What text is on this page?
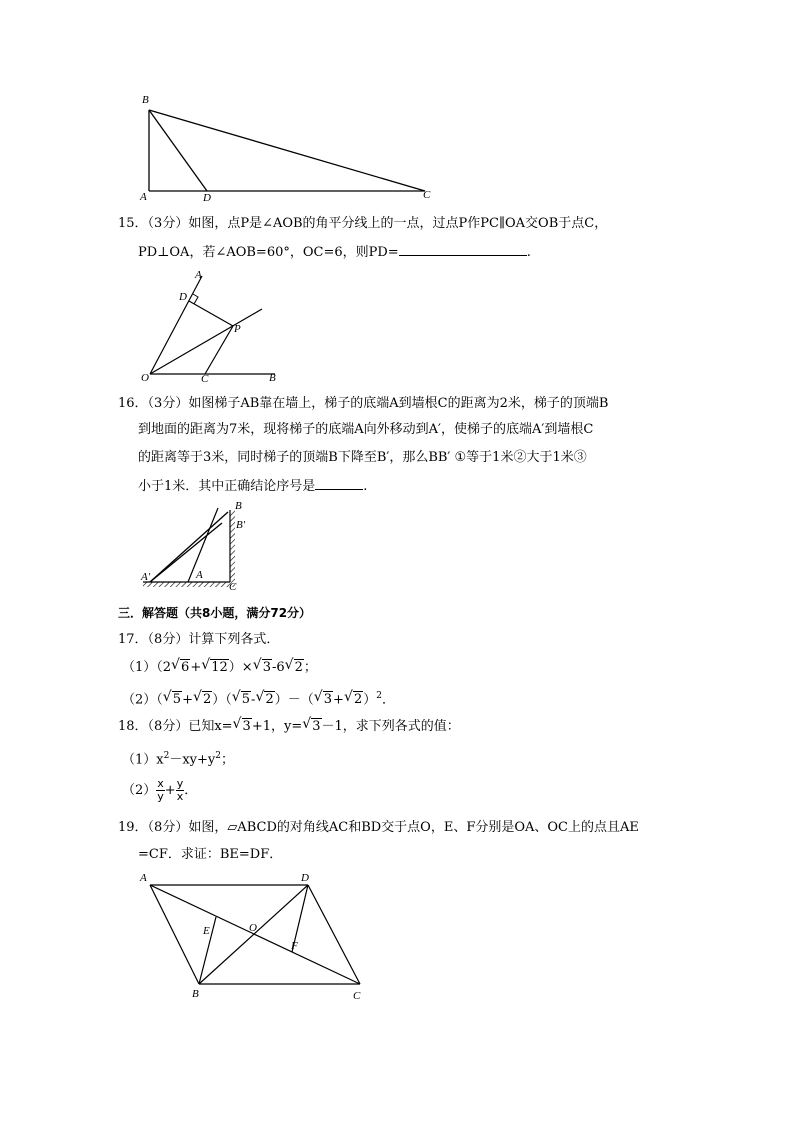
B
A	D	C
15．（3分）如图，点P是∠AOB的角平分线上的一点，过点P作PC∥OA交OB于点C，
PD⊥OA，若∠AOB=60°，OC=6，则PD=	.
A
D
P
O	C	B
16．（3分）如图梯子AB靠在墙上，梯子的底端A到墙根C的距离为2米，梯子的顶端B
到地面的距离为7米，现将梯子的底端A向外移动到A′，使梯子的底端A′到墙根C
的距离等于3米，同时梯子的顶端B下降至B′，那么BB′ ①等于1米②大于1米③
小于1米．其中正确结论序号是	.
B
B′
A′	A
C
三．解答题（共8小题，满分72分）
17．（8分）计算下列各式．
（1）（2 √ 6+ √ 12）× √ 3-6 √ 2；
（2）（ √ 5+ √ 2）（ √ 5- √ 2）－（ √ 3+ √ 2）$^2$．
18．（8分）已知x= √ 3+1，y= √ 3－1，求下列各式的值：
$(1)x^2-xy+y^2$；
$(2) \frac{x}{y} + \frac{y}{x}$ ．
19．（8分）如图，▱ABCD的对角线AC和BD交于点O，E、F分别是OA、OC上的点且AE
=CF．求证：BE=DF．
A	D
E	O
F
B	C
